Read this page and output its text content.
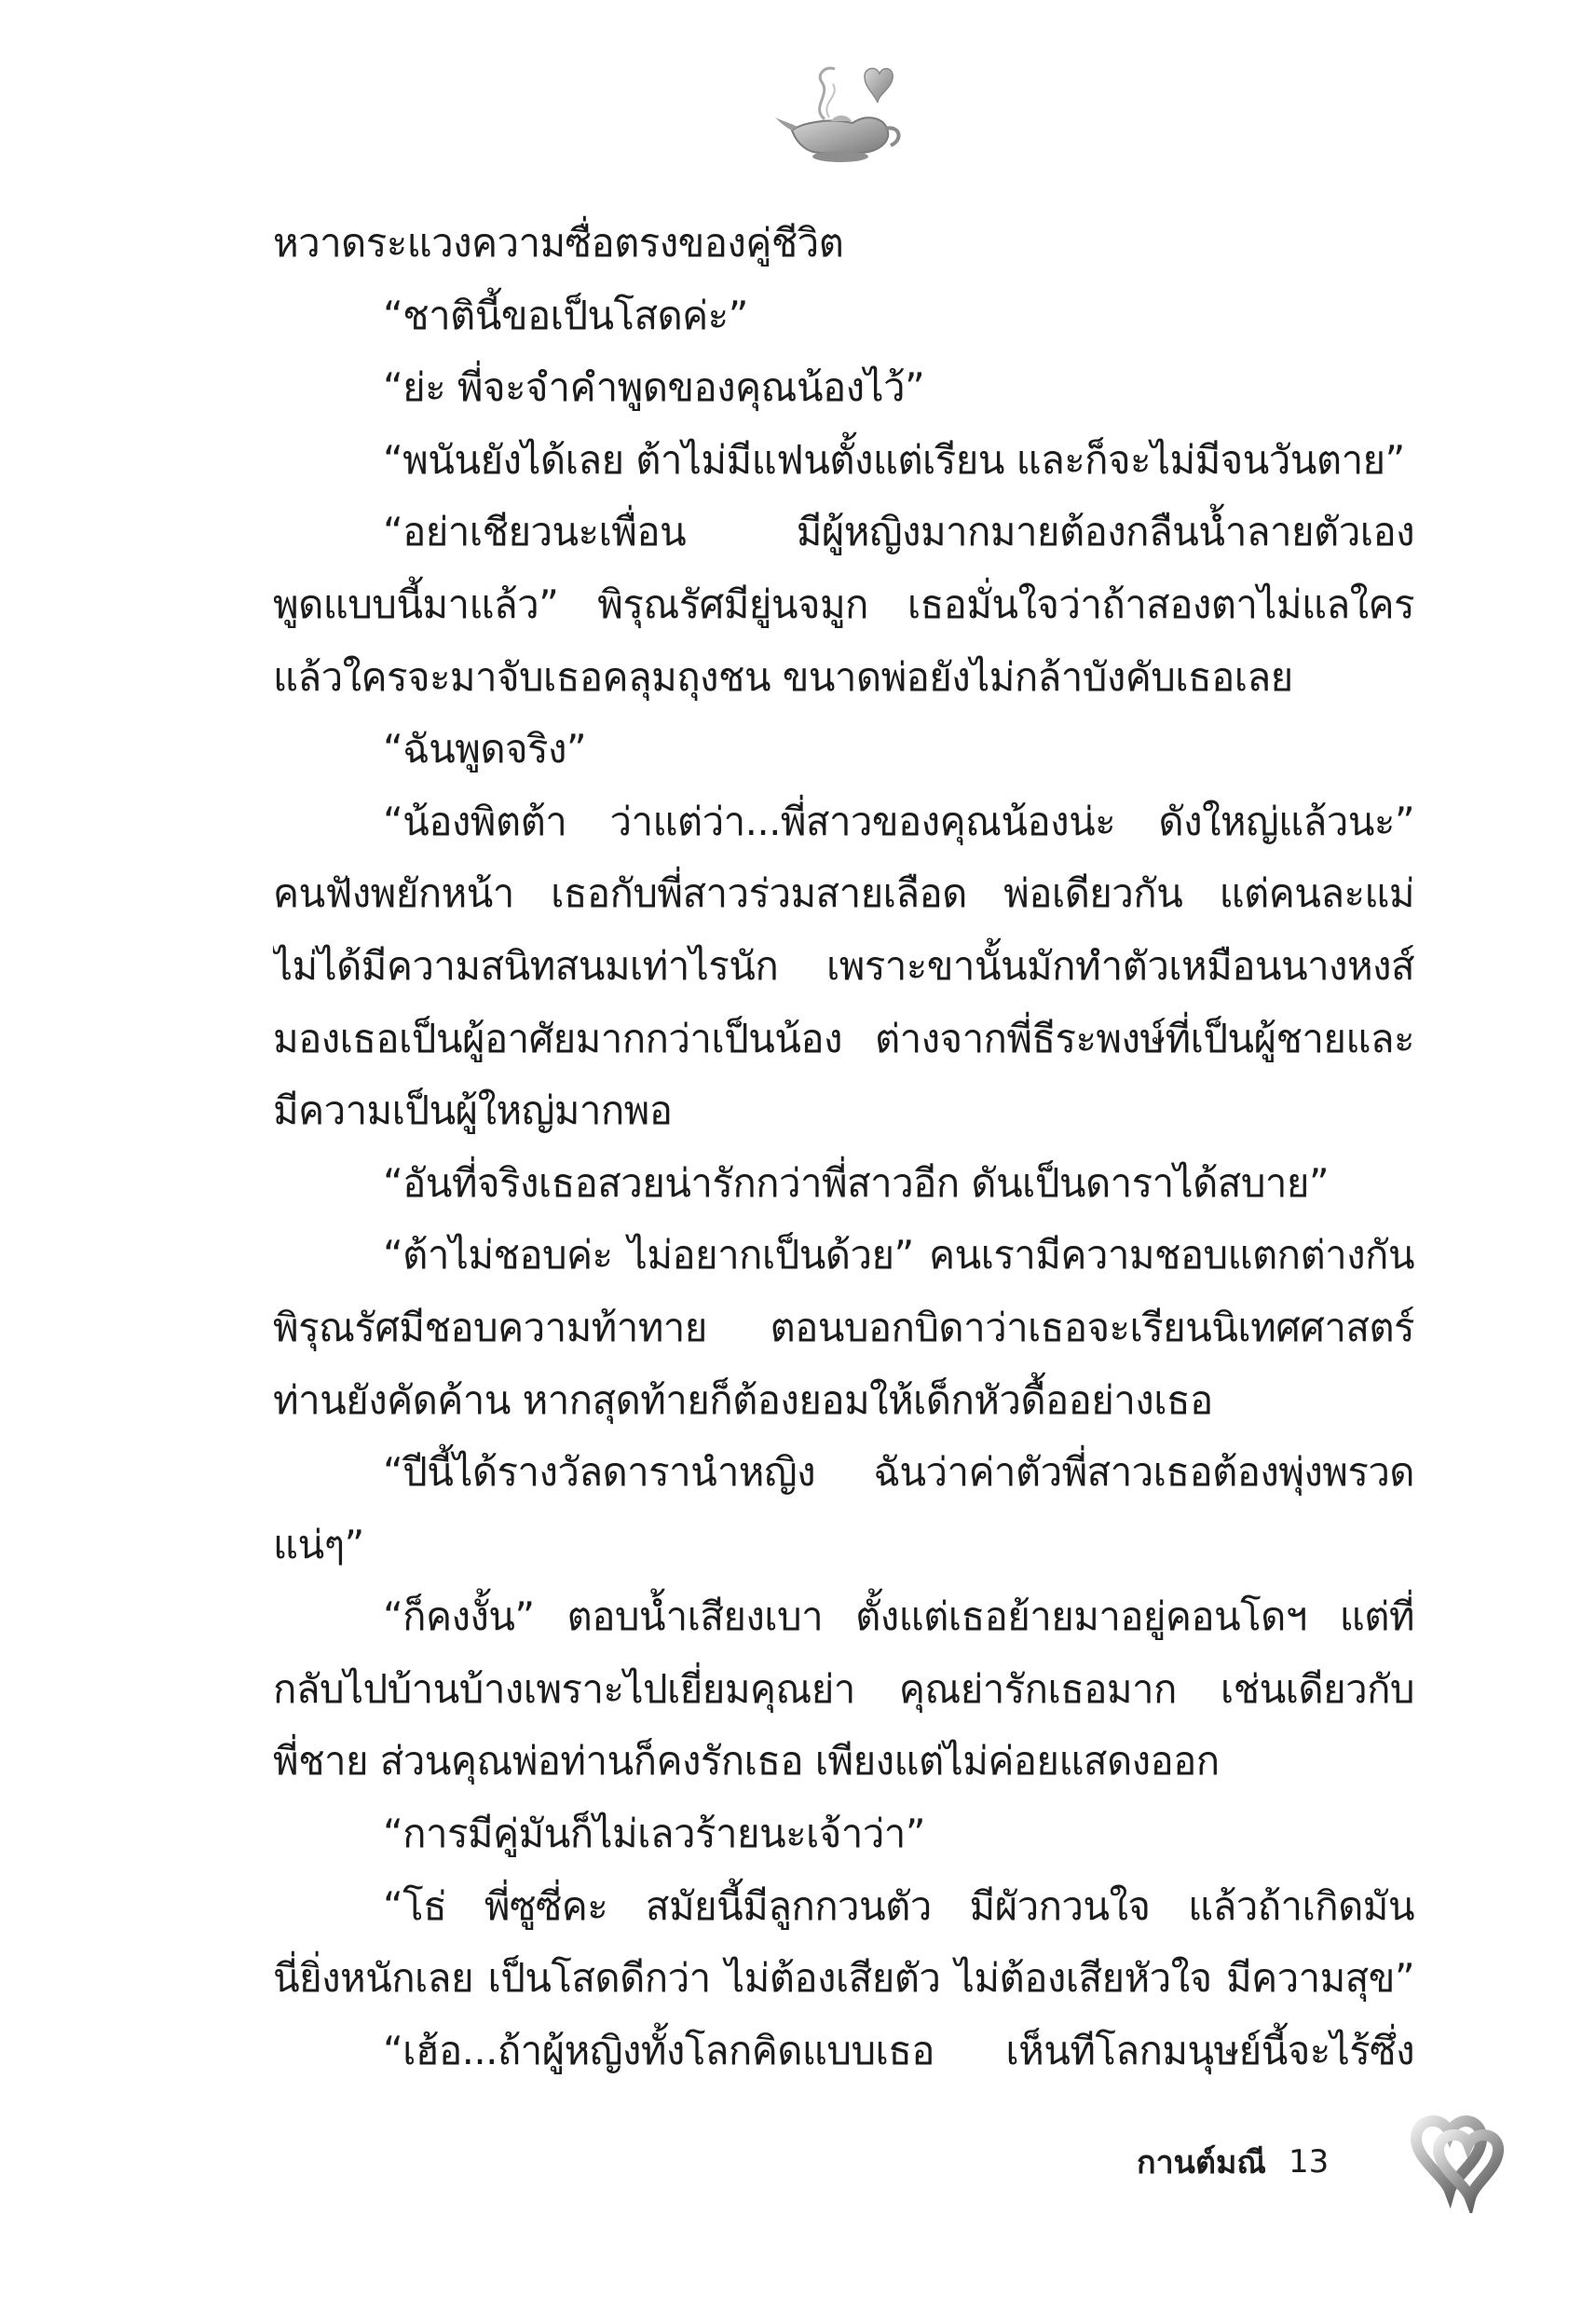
หวาดระแวงความซื่อตรงของคู่ชีวิต
“ชาตินี้ขอเป็นโสดค่ะ”
“ย่ะ พี่จะจำคำพูดของคุณน้องไว้”
“พนันยังได้เลย ต้าไม่มีแฟนตั้งแต่เรียน และก็จะไม่มีจนวันตาย”
“อย่าเชียวนะเพื่อน มีผู้หญิงมากมายต้องกลืนน้ำลายตัวเอง
พูดแบบนี้มาแล้ว” พิรุณรัศมียู่นจมูก เธอมั่นใจว่าถ้าสองตาไม่แลใคร
แล้วใครจะมาจับเธอคลุมถุงชน ขนาดพ่อยังไม่กล้าบังคับเธอเลย
“ฉันพูดจริง”
“น้องพิตต้า ว่าแต่ว่า...พี่สาวของคุณน้องน่ะ ดังใหญ่แล้วนะ”
คนฟังพยักหน้า เธอกับพี่สาวร่วมสายเลือด พ่อเดียวกัน แต่คนละแม่
ไม่ได้มีความสนิทสนมเท่าไรนัก เพราะขานั้นมักทำตัวเหมือนนางหงส์
มองเธอเป็นผู้อาศัยมากกว่าเป็นน้อง ต่างจากพี่ธีระพงษ์ที่เป็นผู้ชายและ
มีความเป็นผู้ใหญ่มากพอ
“อันที่จริงเธอสวยน่ารักกว่าพี่สาวอีก ดันเป็นดาราได้สบาย”
“ต้าไม่ชอบค่ะ ไม่อยากเป็นด้วย” คนเรามีความชอบแตกต่างกัน
พิรุณรัศมีชอบความท้าทาย ตอนบอกบิดาว่าเธอจะเรียนนิเทศศาสตร์
ท่านยังคัดค้าน หากสุดท้ายก็ต้องยอมให้เด็กหัวดื้ออย่างเธอ
“ปีนี้ได้รางวัลดารานำหญิง ฉันว่าค่าตัวพี่สาวเธอต้องพุ่งพรวด
แน่ๆ”
“ก็คงงั้น” ตอบน้ำเสียงเบา ตั้งแต่เธอย้ายมาอยู่คอนโดฯ แต่ที่
กลับไปบ้านบ้างเพราะไปเยี่ยมคุณย่า คุณย่ารักเธอมาก เช่นเดียวกับ
พี่ชาย ส่วนคุณพ่อท่านก็คงรักเธอ เพียงแต่ไม่ค่อยแสดงออก
“การมีคู่มันก็ไม่เลวร้ายนะเจ้าว่า”
“โธ่ พี่ซูซี่คะ สมัยนี้มีลูกกวนตัว มีผัวกวนใจ แล้วถ้าเกิดมัน
นี่ยิ่งหนักเลย เป็นโสดดีกว่า ไม่ต้องเสียตัว ไม่ต้องเสียหัวใจ มีความสุข”
“เฮ้อ...ถ้าผู้หญิงทั้งโลกคิดแบบเธอ เห็นทีโลกมนุษย์นี้จะไร้ซึ่ง
กานต์มณี 13
